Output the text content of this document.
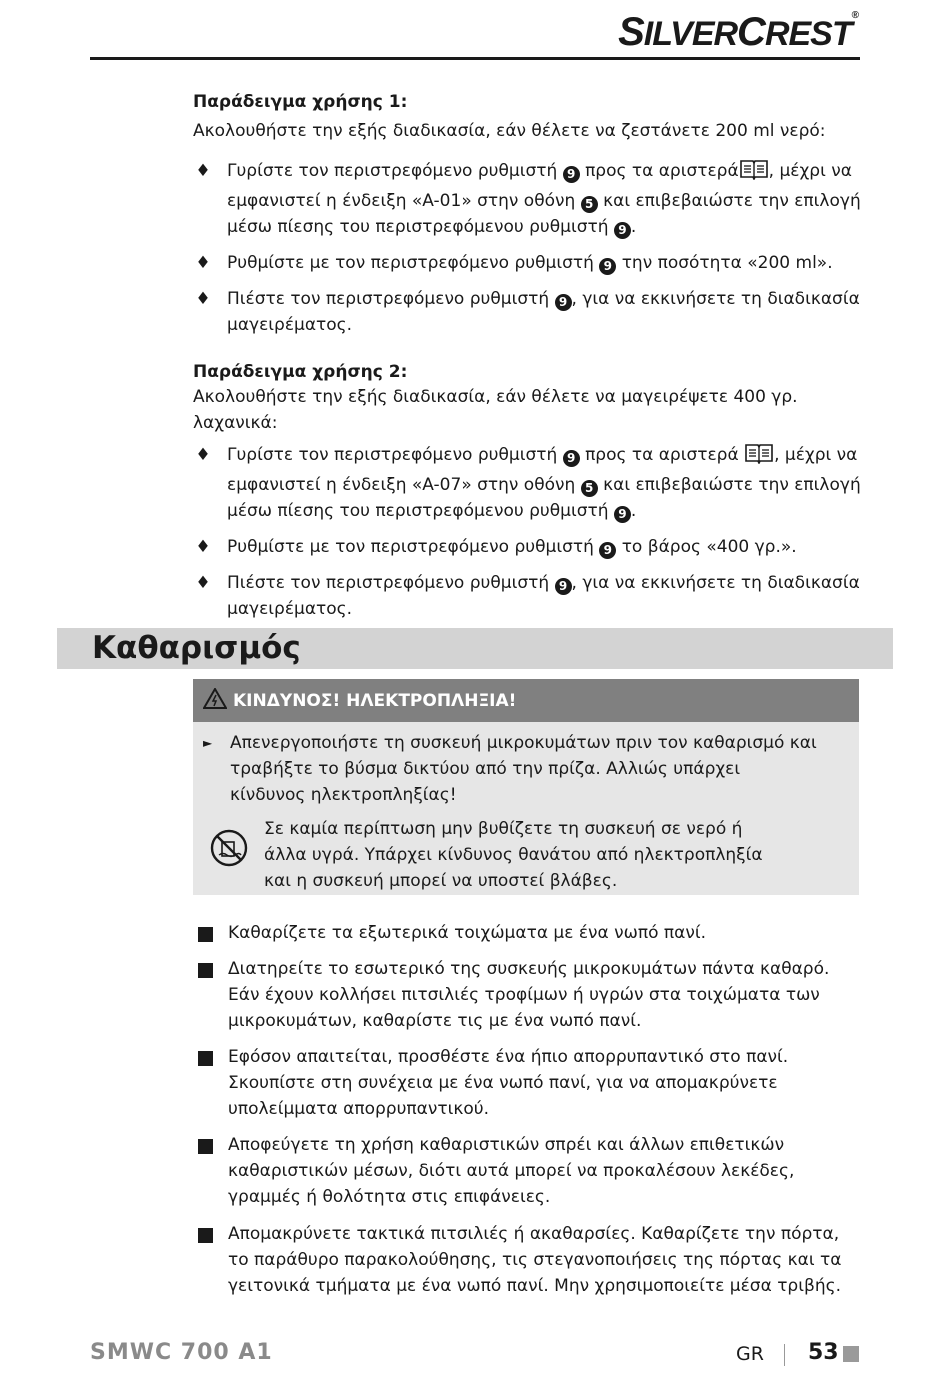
SILVERCREST®

Παράδειγμα χρήσης 1:

Ακολουθήστε την εξής διαδικασία, εάν θέλετε να ζεστάνετε 200 ml νερό:

♦ Γυρίστε τον περιστρεφόμενο ρυθμιστή 9 προς τα αριστερά , μέχρι να εμφανιστεί η ένδειξη «A-01» στην οθόνη 5 και επιβεβαιώστε την επιλογή μέσω πίεσης του περιστρεφόμενου ρυθμιστή 9 .
♦ Ρυθμίστε με τον περιστρεφόμενο ρυθμιστή 9 την ποσότητα «200 ml».
♦ Πιέστε τον περιστρεφόμενο ρυθμιστή 9 , για να εκκινήσετε τη διαδικασία μαγειρέματος.

Παράδειγμα χρήσης 2:

Ακολουθήστε την εξής διαδικασία, εάν θέλετε να μαγειρέψετε 400 γρ. λαχανικά:

♦ Γυρίστε τον περιστρεφόμενο ρυθμιστή 9 προς τα αριστερά , μέχρι να εμφανιστεί η ένδειξη «A-07» στην οθόνη 5 και επιβεβαιώστε την επιλογή μέσω πίεσης του περιστρεφόμενου ρυθμιστή 9 .
♦ Ρυθμίστε με τον περιστρεφόμενο ρυθμιστή 9 το βάρος «400 γρ.».
♦ Πιέστε τον περιστρεφόμενο ρυθμιστή 9 , για να εκκινήσετε τη διαδικασία μαγειρέματος.
Καθαρισμός
ΚΙΝΔΥΝΟΣ! ΗΛΕΚΤΡΟΠΛΗΞΙΑ!
► Απενεργοποιήστε τη συσκευή μικροκυμάτων πριν τον καθαρισμό και τραβήξτε το βύσμα δικτύου από την πρίζα. Αλλιώς υπάρχει κίνδυνος ηλεκτροπληξίας!
Σε καμία περίπτωση μην βυθίζετε τη συσκευή σε νερό ή άλλα υγρά. Υπάρχει κίνδυνος θανάτου από ηλεκτροπληξία και η συσκευή μπορεί να υποστεί βλάβες.
Καθαρίζετε τα εξωτερικά τοιχώματα με ένα νωπό πανί.
Διατηρείτε το εσωτερικό της συσκευής μικροκυμάτων πάντα καθαρό. Εάν έχουν κολλήσει πιτσιλιές τροφίμων ή υγρών στα τοιχώματα των μικροκυμάτων, καθαρίστε τις με ένα νωπό πανί.
Εφόσον απαιτείται, προσθέστε ένα ήπιο απορρυπαντικό στο πανί. Σκουπίστε στη συνέχεια με ένα νωπό πανί, για να απομακρύνετε υπολείμματα απορρυπαντικού.
Αποφεύγετε τη χρήση καθαριστικών σπρέι και άλλων επιθετικών καθαριστικών μέσων, διότι αυτά μπορεί να προκαλέσουν λεκέδες, γραμμές ή θολότητα στις επιφάνειες.
Απομακρύνετε τακτικά πιτσιλιές ή ακαθαρσίες. Καθαρίζετε την πόρτα, το παράθυρο παρακολούθησης, τις στεγανοποιήσεις της πόρτας και τα γειτονικά τμήματα με ένα νωπό πανί. Μην χρησιμοποιείτε μέσα τριβής.
SMWC 700 A1	GR 53
